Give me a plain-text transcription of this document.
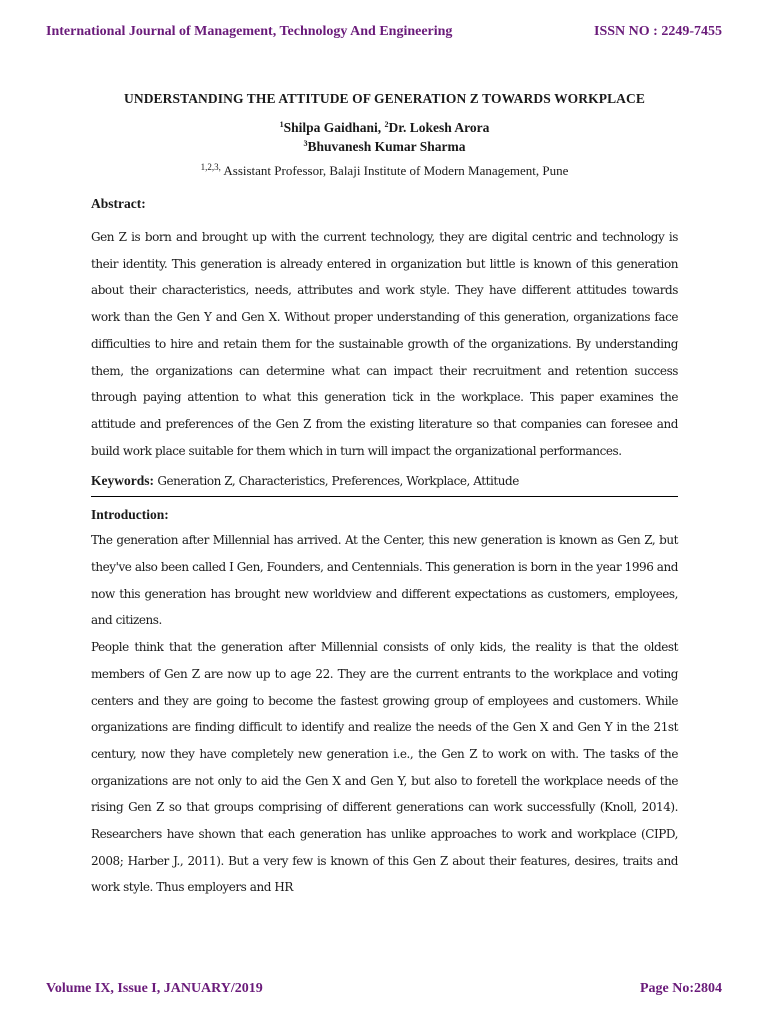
International Journal of Management, Technology And Engineering	ISSN NO : 2249-7455
UNDERSTANDING THE ATTITUDE OF GENERATION Z TOWARDS WORKPLACE
$^1$Shilpa Gaidhani, $^2$Dr. Lokesh Arora
$^3$Bhuvanesh Kumar Sharma
$^{1,2,3,}$ Assistant Professor, Balaji Institute of Modern Management, Pune
Abstract:

Gen Z is born and brought up with the current technology, they are digital centric and technology is their identity. This generation is already entered in organization but little is known of this generation about their characteristics, needs, attributes and work style. They have different attitudes towards work than the Gen Y and Gen X. Without proper understanding of this generation, organizations face difficulties to hire and retain them for the sustainable growth of the organizations. By understanding them, the organizations can determine what can impact their recruitment and retention success through paying attention to what this generation tick in the workplace. This paper examines the attitude and preferences of the Gen Z from the existing literature so that companies can foresee and build work place suitable for them which in turn will impact the organizational performances.

Keywords: Generation Z, Characteristics, Preferences, Workplace, Attitude
Introduction:

The generation after Millennial has arrived. At the Center, this new generation is known as Gen Z, but they've also been called I Gen, Founders, and Centennials. This generation is born in the year 1996 and now this generation has brought new worldview and different expectations as customers, employees, and citizens.

People think that the generation after Millennial consists of only kids, the reality is that the oldest members of Gen Z are now up to age 22. They are the current entrants to the workplace and voting centers and they are going to become the fastest growing group of employees and customers. While organizations are finding difficult to identify and realize the needs of the Gen X and Gen Y in the 21st century, now they have completely new generation i.e., the Gen Z to work on with. The tasks of the organizations are not only to aid the Gen X and Gen Y, but also to foretell the workplace needs of the rising Gen Z so that groups comprising of different generations can work successfully (Knoll, 2014). Researchers have shown that each generation has unlike approaches to work and workplace (CIPD, 2008; Harber J., 2011). But a very few is known of this Gen Z about their features, desires, traits and work style. Thus employers and HR

Volume IX, Issue I, JANUARY/2019	Page No:2804
